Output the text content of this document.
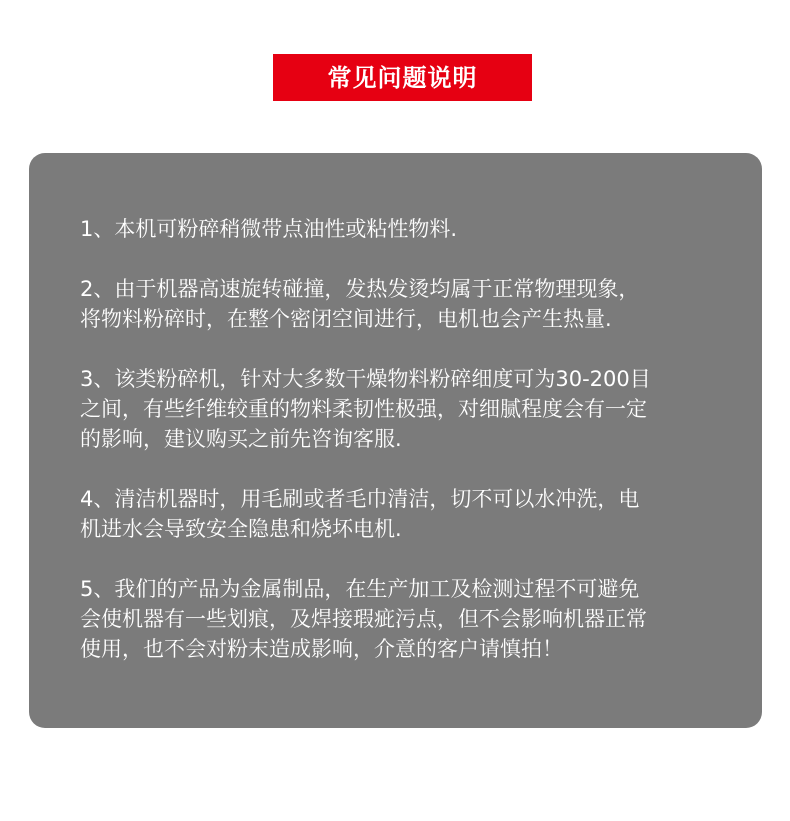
常见问题说明

1、本机可粉碎稍微带点油性或粘性物料.

2、由于机器高速旋转碰撞，发热发烫均属于正常物理现象，
将物料粉碎时，在整个密闭空间进行，电机也会产生热量.

3、该类粉碎机，针对大多数干燥物料粉碎细度可为30-200目
之间，有些纤维较重的物料柔韧性极强，对细腻程度会有一定
的影响，建议购买之前先咨询客服.

4、清洁机器时，用毛刷或者毛巾清洁，切不可以水冲洗，电
机进水会导致安全隐患和烧坏电机.

5、我们的产品为金属制品，在生产加工及检测过程不可避免
会使机器有一些划痕，及焊接瑕疵污点，但不会影响机器正常
使用，也不会对粉末造成影响，介意的客户请慎拍！
